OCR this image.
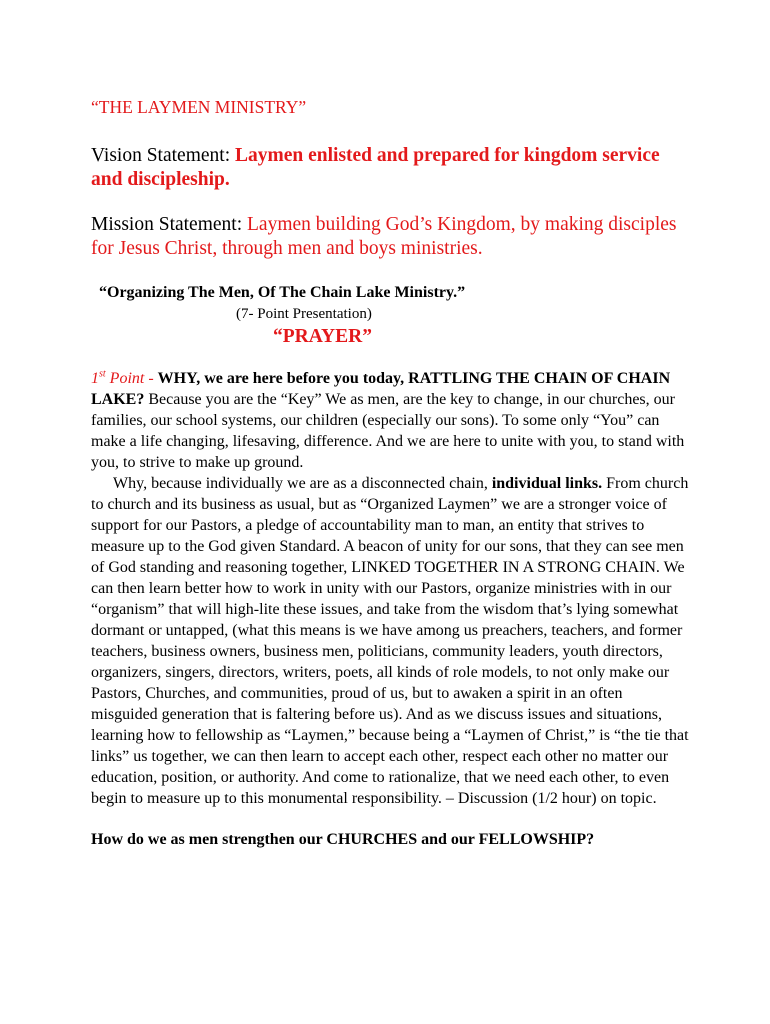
“THE LAYMEN MINISTRY”
Vision Statement: Laymen enlisted and prepared for kingdom service and discipleship.
Mission Statement: Laymen building God’s Kingdom, by making disciples for Jesus Christ, through men and boys ministries.
“Organizing The Men, Of The Chain Lake Ministry.”
(7- Point Presentation)
“PRAYER”
1st Point - WHY, we are here before you today, RATTLING THE CHAIN OF CHAIN LAKE? Because you are the “Key” We as men, are the key to change, in our churches, our families, our school systems, our children (especially our sons). To some only “You” can make a life changing, lifesaving, difference. And we are here to unite with you, to stand with you, to strive to make up ground.
Why, because individually we are as a disconnected chain, individual links. From church to church and its business as usual, but as “Organized Laymen” we are a stronger voice of support for our Pastors, a pledge of accountability man to man, an entity that strives to measure up to the God given Standard. A beacon of unity for our sons, that they can see men of God standing and reasoning together, LINKED TOGETHER IN A STRONG CHAIN. We can then learn better how to work in unity with our Pastors, organize ministries with in our “organism” that will high-lite these issues, and take from the wisdom that’s lying somewhat dormant or untapped, (what this means is we have among us preachers, teachers, and former teachers, business owners, business men, politicians, community leaders, youth directors, organizers, singers, directors, writers, poets, all kinds of role models, to not only make our Pastors, Churches, and communities, proud of us, but to awaken a spirit in an often misguided generation that is faltering before us). And as we discuss issues and situations, learning how to fellowship as “Laymen,” because being a “Laymen of Christ,” is “the tie that links” us together, we can then learn to accept each other, respect each other no matter our education, position, or authority. And come to rationalize, that we need each other, to even begin to measure up to this monumental responsibility. – Discussion (1/2 hour) on topic.
How do we as men strengthen our CHURCHES and our FELLOWSHIP?
